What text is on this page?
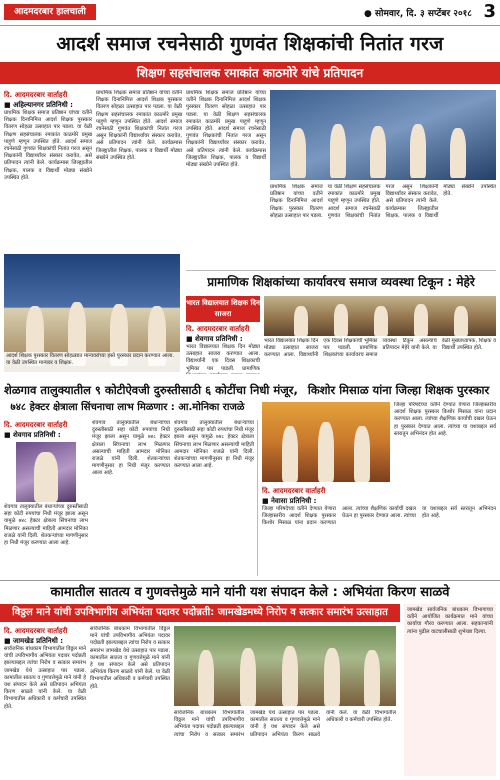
आदमदरबार हालचाली	● सोमवार, दि. ३ सप्टेंबर २०१८ 3
आदर्श समाज रचनेसाठी गुणवंत शिक्षकांची नितांत गरज
शिक्षण सहसंचालक रमाकांत काठमोरे यांचे प्रतिपादन
दि. आदमदरबार वार्ताहरी
■ अहिल्यानगर प्रतिनिधी :
प्राथमिक शिक्षक समाज प्रतिष्ठान यांच्या वतीने शिक्षक दिनानिमित्त आदर्श शिक्षक पुरस्कार वितरण सोहळा उत्साहात पार पडला. या वेळी शिक्षण सहसंचालक रमाकांत काठमोरे प्रमुख पाहुणे म्हणून उपस्थित होते. आदर्श समाज रचनेसाठी गुणवंत शिक्षकांची नितांत गरज असून शिक्षकांनी विद्यार्थ्यांवर संस्कार करावेत, असे प्रतिपादन त्यांनी केले. कार्यक्रमास जिल्ह्यातील शिक्षक, पालक व विद्यार्थी मोठ्या संख्येने उपस्थित होते.
प्राथमिक शिक्षक समाज प्रतिष्ठान यांच्या वतीने शिक्षक दिनानिमित्त आदर्श शिक्षक पुरस्कार वितरण सोहळा उत्साहात पार पडला. या वेळी शिक्षण सहसंचालक रमाकांत काठमोरे प्रमुख पाहुणे म्हणून उपस्थित होते. आदर्श समाज रचनेसाठी गुणवंत शिक्षकांची नितांत गरज असून शिक्षकांनी विद्यार्थ्यांवर संस्कार करावेत, असे प्रतिपादन त्यांनी केले. कार्यक्रमास जिल्ह्यातील शिक्षक, पालक व विद्यार्थी मोठ्या संख्येने उपस्थित होते.
प्राथमिक शिक्षक समाज प्रतिष्ठान यांच्या वतीने शिक्षक दिनानिमित्त आदर्श शिक्षक पुरस्कार वितरण सोहळा उत्साहात पार पडला. या वेळी शिक्षण सहसंचालक रमाकांत काठमोरे प्रमुख पाहुणे म्हणून उपस्थित होते. आदर्श समाज रचनेसाठी गुणवंत शिक्षकांची नितांत गरज असून शिक्षकांनी विद्यार्थ्यांवर संस्कार करावेत, असे प्रतिपादन त्यांनी केले. कार्यक्रमास जिल्ह्यातील शिक्षक, पालक व विद्यार्थी मोठ्या संख्येने उपस्थित होते.
प्राथमिक शिक्षक समाज प्रतिष्ठान यांच्या वतीने शिक्षक दिनानिमित्त आदर्श शिक्षक पुरस्कार वितरण सोहळा उत्साहात पार पडला. या वेळी शिक्षण सहसंचालक रमाकांत काठमोरे प्रमुख पाहुणे म्हणून उपस्थित होते. आदर्श समाज रचनेसाठी गुणवंत शिक्षकांची नितांत गरज असून शिक्षकांनी विद्यार्थ्यांवर संस्कार करावेत, असे प्रतिपादन त्यांनी केले. कार्यक्रमास जिल्ह्यातील शिक्षक, पालक व विद्यार्थी मोठ्या संख्येने उपस्थित होते.
आदर्श शिक्षक पुरस्कार वितरण सोहळ्यात मान्यवरांच्या हस्ते पुरस्कार प्रदान करण्यात आला. या वेळी उपस्थित मान्यवर व शिक्षक.
प्रामाणिक शिक्षकांच्या कार्यावरच समाज व्यवस्था टिकून : मेहेरे
भारत विद्यालयात शिक्षक दिन साजरा
दि. आदमदरबार वार्ताहरी
■ शेवगाव प्रतिनिधी :
भारत विद्यालयात शिक्षक दिन मोठ्या उत्साहात साजरा करण्यात आला. विद्यार्थ्यांनी एक दिवस शिक्षकाची भूमिका पार पाडली. प्रामाणिक
भारत विद्यालयात शिक्षक दिन मोठ्या उत्साहात साजरा करण्यात आला. विद्यार्थ्यांनी एक दिवस शिक्षकाची भूमिका पार पाडली. प्रामाणिक शिक्षकांच्या कार्यावरच समाज व्यवस्था टिकून असल्याचे प्रतिपादन मेहेरे यांनी केले. या वेळी मुख्याध्यापक, शिक्षक व विद्यार्थी उपस्थित होते.
शेळगाव तालुक्यातील ९ कोटीऐवजी दुरुस्तीसाठी ६ कोटींचा निधी मंजूर, किशोर मिसाळ यांना जिल्हा शिक्षक पुरस्कार
७४८ हेक्टर क्षेत्राला सिंचनाचा लाभ मिळणार : आ.मोनिका राजळे
दि. आदमदरबार वार्ताहरी
■ शेवगाव प्रतिनिधी :
शेवगाव तालुक्यातील बंधाऱ्यांच्या दुरुस्तीसाठी सहा कोटी रुपयांचा निधी मंजूर झाला असून यामुळे ७४८ हेक्टर क्षेत्राला सिंचनाचा लाभ मिळणार असल्याची माहिती आमदार मोनिका राजळे यांनी दिली. शेतकऱ्यांच्या मागणीनुसार हा निधी मंजूर करण्यात आला आहे.
शेवगाव तालुक्यातील बंधाऱ्यांच्या दुरुस्तीसाठी सहा कोटी रुपयांचा निधी मंजूर झाला असून यामुळे ७४८ हेक्टर क्षेत्राला सिंचनाचा लाभ मिळणार असल्याची माहिती आमदार मोनिका राजळे यांनी दिली. शेतकऱ्यांच्या मागणीनुसार हा निधी मंजूर करण्यात आला आहे.
शेवगाव तालुक्यातील बंधाऱ्यांच्या दुरुस्तीसाठी सहा कोटी रुपयांचा निधी मंजूर झाला असून यामुळे ७४८ हेक्टर क्षेत्राला सिंचनाचा लाभ मिळणार असल्याची माहिती आमदार मोनिका राजळे यांनी दिली. शेतकऱ्यांच्या मागणीनुसार हा निधी मंजूर करण्यात आला आहे.
जिल्हा परिषदेच्या वतीने देण्यात येणारा जिल्हास्तरीय आदर्श शिक्षक पुरस्कार किशोर मिसाळ यांना प्रदान करण्यात आला. त्यांच्या शैक्षणिक कार्याची दखल घेऊन हा पुरस्कार देण्यात आला. त्यांच्या या यशाबद्दल सर्व स्तरातून अभिनंदन होत आहे.
दि. आदमदरबार वार्ताहरी
■ नेवासा प्रतिनिधी :
जिल्हा परिषदेच्या वतीने देण्यात येणारा जिल्हास्तरीय आदर्श शिक्षक पुरस्कार किशोर मिसाळ यांना प्रदान करण्यात आला. त्यांच्या शैक्षणिक कार्याची दखल घेऊन हा पुरस्कार देण्यात आला. त्यांच्या या यशाबद्दल सर्व स्तरातून अभिनंदन होत आहे.
कामातील सातत्य व गुणवत्तेमुळे माने यांनी यश संपादन केले : अभियंता किरण साळवे
विठ्ठल माने यांची उपविभागीय अभियंता पदावर पदोन्नती: जामखेडमध्ये निरोप व सत्कार समारंभ उत्साहात
दि. आदमदरबार वार्ताहरी
■ जामखेड प्रतिनिधी :
सार्वजनिक बांधकाम विभागातील विठ्ठल माने यांची उपविभागीय अभियंता पदावर पदोन्नती झाल्याबद्दल त्यांचा निरोप व सत्कार समारंभ जामखेड येथे उत्साहात पार पडला. कामातील सातत्य व गुणवत्तेमुळे माने यांनी हे यश संपादन केले असे प्रतिपादन अभियंता किरण साळवे यांनी केले. या वेळी विभागातील अधिकारी व कर्मचारी उपस्थित होते.
सार्वजनिक बांधकाम विभागातील विठ्ठल माने यांची उपविभागीय अभियंता पदावर पदोन्नती झाल्याबद्दल त्यांचा निरोप व सत्कार समारंभ जामखेड येथे उत्साहात पार पडला. कामातील सातत्य व गुणवत्तेमुळे माने यांनी हे यश संपादन केले असे प्रतिपादन अभियंता किरण साळवे यांनी केले. या वेळी विभागातील अधिकारी व कर्मचारी उपस्थित होते.
सार्वजनिक बांधकाम विभागातील विठ्ठल माने यांची उपविभागीय अभियंता पदावर पदोन्नती झाल्याबद्दल त्यांचा निरोप व सत्कार समारंभ जामखेड येथे उत्साहात पार पडला. कामातील सातत्य व गुणवत्तेमुळे माने यांनी हे यश संपादन केले असे प्रतिपादन अभियंता किरण साळवे यांनी केले. या वेळी विभागातील अधिकारी व कर्मचारी उपस्थित होते.
जामखेड सार्वजनिक बांधकाम विभागाच्या वतीने आयोजित कार्यक्रमात माने यांच्या कार्याचा गौरव करण्यात आला. सहकाऱ्यांनी त्यांना पुढील वाटचालीसाठी शुभेच्छा दिल्या.
